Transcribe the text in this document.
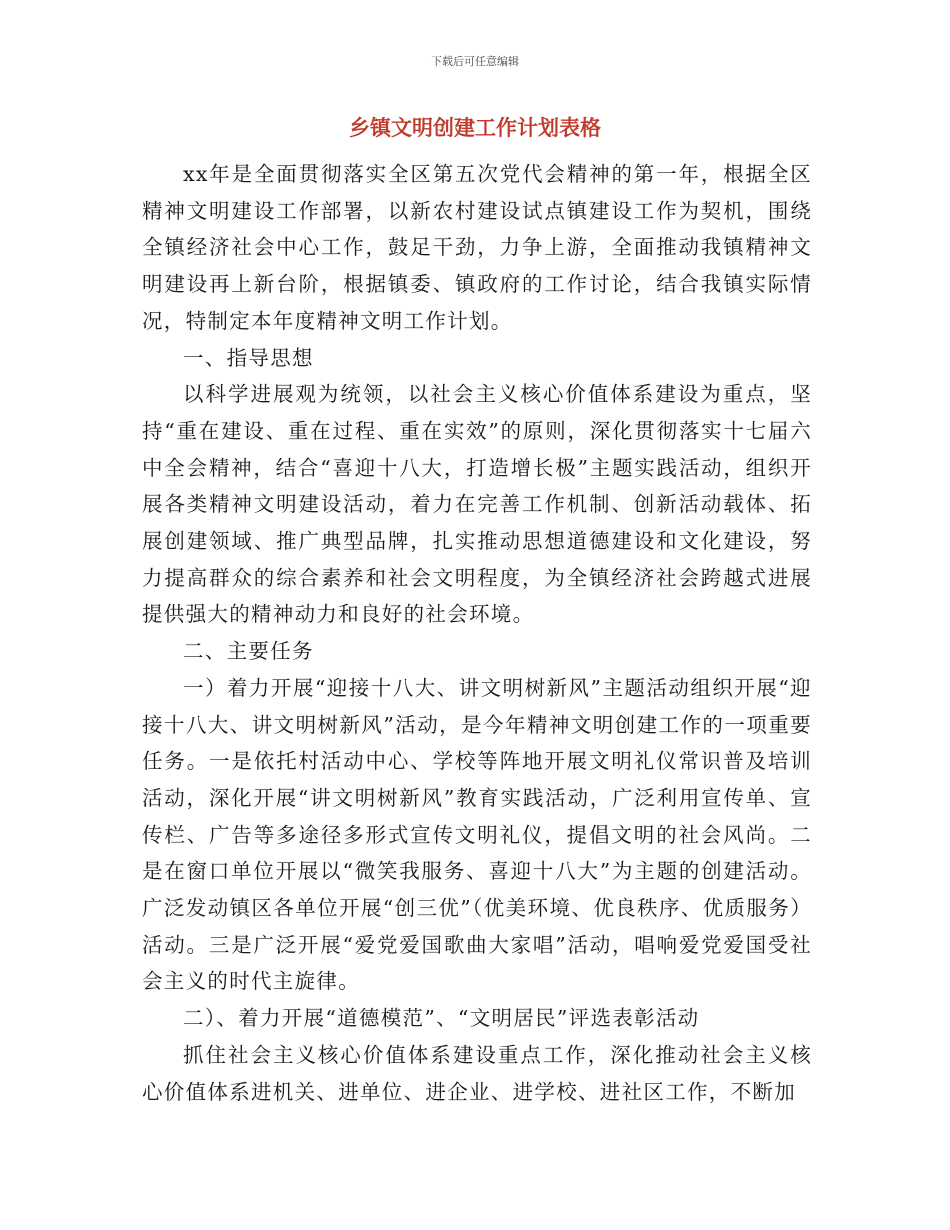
下载后可任意编辑
乡镇文明创建工作计划表格

xx年是全面贯彻落实全区第五次党代会精神的第一年，根据全区精神文明建设工作部署，以新农村建设试点镇建设工作为契机，围绕全镇经济社会中心工作，鼓足干劲，力争上游，全面推动我镇精神文明建设再上新台阶，根据镇委、镇政府的工作讨论，结合我镇实际情况，特制定本年度精神文明工作计划。

一、指导思想

以科学进展观为统领，以社会主义核心价值体系建设为重点，坚持“重在建设、重在过程、重在实效”的原则，深化贯彻落实十七届六中全会精神，结合“喜迎十八大，打造增长极”主题实践活动，组织开展各类精神文明建设活动，着力在完善工作机制、创新活动载体、拓展创建领域、推广典型品牌，扎实推动思想道德建设和文化建设，努力提高群众的综合素养和社会文明程度，为全镇经济社会跨越式进展提供强大的精神动力和良好的社会环境。

二、主要任务

一）着力开展“迎接十八大、讲文明树新风”主题活动组织开展“迎接十八大、讲文明树新风”活动，是今年精神文明创建工作的一项重要任务。一是依托村活动中心、学校等阵地开展文明礼仪常识普及培训活动，深化开展“讲文明树新风”教育实践活动，广泛利用宣传单、宣传栏、广告等多途径多形式宣传文明礼仪，提倡文明的社会风尚。二是在窗口单位开展以“微笑我服务、喜迎十八大”为主题的创建活动。广泛发动镇区各单位开展“创三优”（优美环境、优良秩序、优质服务）活动。三是广泛开展“爱党爱国歌曲大家唱”活动，唱响爱党爱国受社会主义的时代主旋律。

二）、着力开展“道德模范”、“文明居民”评选表彰活动

抓住社会主义核心价值体系建设重点工作，深化推动社会主义核心价值体系进机关、进单位、进企业、进学校、进社区工作，不断加
